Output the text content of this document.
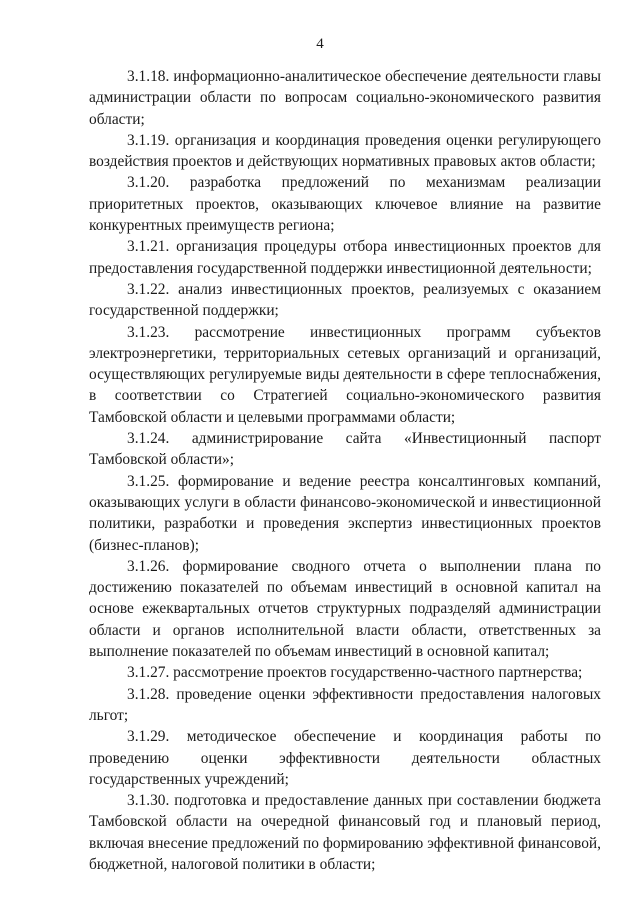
4

3.1.18. информационно-аналитическое обеспечение деятельности главы администрации области по вопросам социально-экономического развития области;

3.1.19. организация и координация проведения оценки регулирующего воздействия проектов и действующих нормативных правовых актов области;

3.1.20. разработка предложений по механизмам реализации приоритетных проектов, оказывающих ключевое влияние на развитие конкурентных преимуществ региона;

3.1.21. организация процедуры отбора инвестиционных проектов для предоставления государственной поддержки инвестиционной деятельности;

3.1.22. анализ инвестиционных проектов, реализуемых с оказанием государственной поддержки;

3.1.23. рассмотрение инвестиционных программ субъектов электроэнергетики, территориальных сетевых организаций и организаций, осуществляющих регулируемые виды деятельности в сфере теплоснабжения, в соответствии со Стратегией социально-экономического развития Тамбовской области и целевыми программами области;

3.1.24. администрирование сайта «Инвестиционный паспорт Тамбовской области»;

3.1.25. формирование и ведение реестра консалтинговых компаний, оказывающих услуги в области финансово-экономической и инвестиционной политики, разработки и проведения экспертиз инвестиционных проектов (бизнес-планов);

3.1.26. формирование сводного отчета о выполнении плана по достижению показателей по объемам инвестиций в основной капитал на основе ежеквартальных отчетов структурных подразделяй администрации области и органов исполнительной власти области, ответственных за выполнение показателей по объемам инвестиций в основной капитал;

3.1.27. рассмотрение проектов государственно-частного партнерства;

3.1.28. проведение оценки эффективности предоставления налоговых льгот;

3.1.29. методическое обеспечение и координация работы по проведению оценки эффективности деятельности областных государственных учреждений;

3.1.30. подготовка и предоставление данных при составлении бюджета Тамбовской области на очередной финансовый год и плановый период, включая внесение предложений по формированию эффективной финансовой, бюджетной, налоговой политики в области;
